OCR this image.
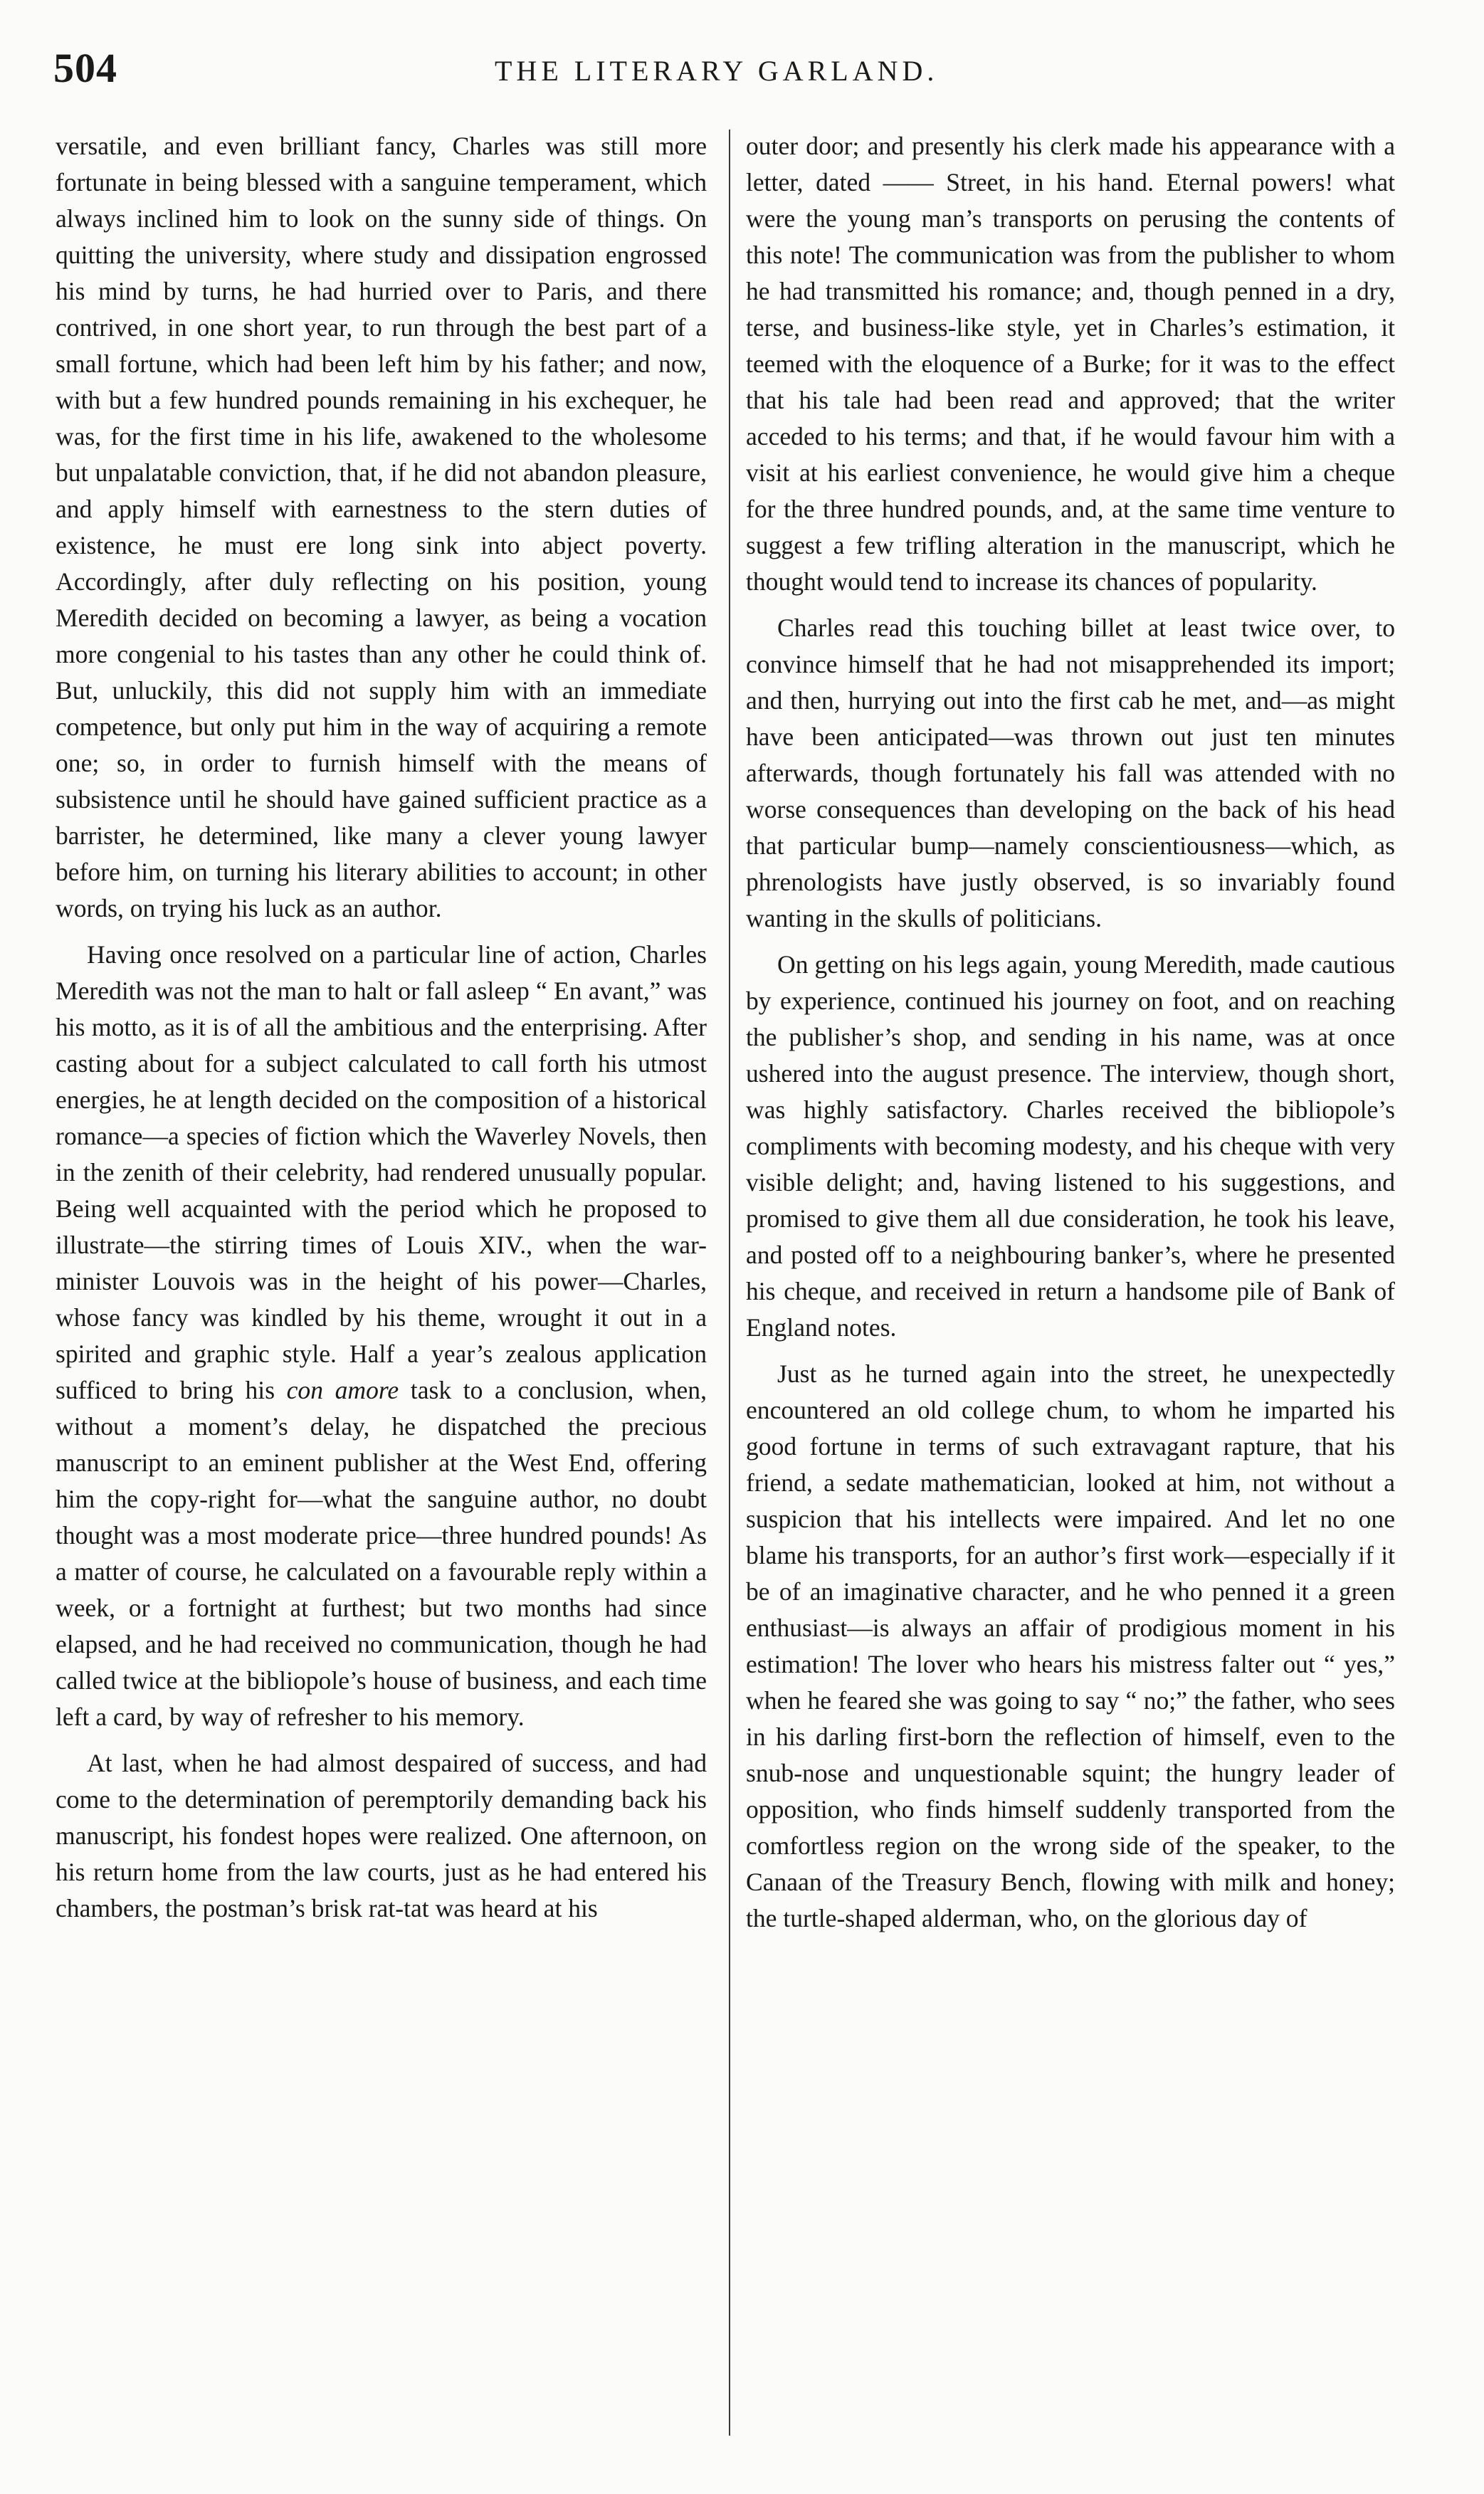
504	THE LITERARY GARLAND.

versatile, and even brilliant fancy, Charles was still more fortunate in being blessed with a sanguine temperament, which always inclined him to look on the sunny side of things. On quitting the university, where study and dissipation engrossed his mind by turns, he had hurried over to Paris, and there contrived, in one short year, to run through the best part of a small fortune, which had been left him by his father; and now, with but a few hundred pounds remaining in his exchequer, he was, for the first time in his life, awakened to the wholesome but unpalatable conviction, that, if he did not abandon pleasure, and apply himself with earnestness to the stern duties of existence, he must ere long sink into abject poverty. Accordingly, after duly reflecting on his position, young Meredith decided on becoming a lawyer, as being a vocation more congenial to his tastes than any other he could think of. But, unluckily, this did not supply him with an immediate competence, but only put him in the way of acquiring a remote one; so, in order to furnish himself with the means of subsistence until he should have gained sufficient practice as a barrister, he determined, like many a clever young lawyer before him, on turning his literary abilities to account; in other words, on trying his luck as an author.

Having once resolved on a particular line of action, Charles Meredith was not the man to halt or fall asleep “ En avant,” was his motto, as it is of all the ambitious and the enterprising. After casting about for a subject calculated to call forth his utmost energies, he at length decided on the composition of a historical romance—a species of fiction which the Waverley Novels, then in the zenith of their celebrity, had rendered unusually popular. Being well acquainted with the period which he proposed to illustrate—the stirring times of Louis XIV., when the war-minister Louvois was in the height of his power—Charles, whose fancy was kindled by his theme, wrought it out in a spirited and graphic style. Half a year’s zealous application sufficed to bring his con amore task to a conclusion, when, without a moment’s delay, he dispatched the precious manuscript to an eminent publisher at the West End, offering him the copy-right for—what the sanguine author, no doubt thought was a most moderate price—three hundred pounds! As a matter of course, he calculated on a favourable reply within a week, or a fortnight at furthest; but two months had since elapsed, and he had received no communication, though he had called twice at the bibliopole’s house of business, and each time left a card, by way of refresher to his memory.

At last, when he had almost despaired of success, and had come to the determination of peremptorily demanding back his manuscript, his fondest hopes were realized. One afternoon, on his return home from the law courts, just as he had entered his chambers, the postman’s brisk rat-tat was heard at his

outer door; and presently his clerk made his appearance with a letter, dated —— Street, in his hand. Eternal powers! what were the young man’s transports on perusing the contents of this note! The communication was from the publisher to whom he had transmitted his romance; and, though penned in a dry, terse, and business-like style, yet in Charles’s estimation, it teemed with the eloquence of a Burke; for it was to the effect that his tale had been read and approved; that the writer acceded to his terms; and that, if he would favour him with a visit at his earliest convenience, he would give him a cheque for the three hundred pounds, and, at the same time venture to suggest a few trifling alteration in the manuscript, which he thought would tend to increase its chances of popularity.

Charles read this touching billet at least twice over, to convince himself that he had not misapprehended its import; and then, hurrying out into the first cab he met, and—as might have been anticipated—was thrown out just ten minutes afterwards, though fortunately his fall was attended with no worse consequences than developing on the back of his head that particular bump—namely conscientiousness—which, as phrenologists have justly observed, is so invariably found wanting in the skulls of politicians.

On getting on his legs again, young Meredith, made cautious by experience, continued his journey on foot, and on reaching the publisher’s shop, and sending in his name, was at once ushered into the august presence. The interview, though short, was highly satisfactory. Charles received the bibliopole’s compliments with becoming modesty, and his cheque with very visible delight; and, having listened to his suggestions, and promised to give them all due consideration, he took his leave, and posted off to a neighbouring banker’s, where he presented his cheque, and received in return a handsome pile of Bank of England notes.

Just as he turned again into the street, he unexpectedly encountered an old college chum, to whom he imparted his good fortune in terms of such extravagant rapture, that his friend, a sedate mathematician, looked at him, not without a suspicion that his intellects were impaired. And let no one blame his transports, for an author’s first work—especially if it be of an imaginative character, and he who penned it a green enthusiast—is always an affair of prodigious moment in his estimation! The lover who hears his mistress falter out “ yes,” when he feared she was going to say “ no;” the father, who sees in his darling first-born the reflection of himself, even to the snub-nose and unquestionable squint; the hungry leader of opposition, who finds himself suddenly transported from the comfortless region on the wrong side of the speaker, to the Canaan of the Treasury Bench, flowing with milk and honey; the turtle-shaped alderman, who, on the glorious day of
